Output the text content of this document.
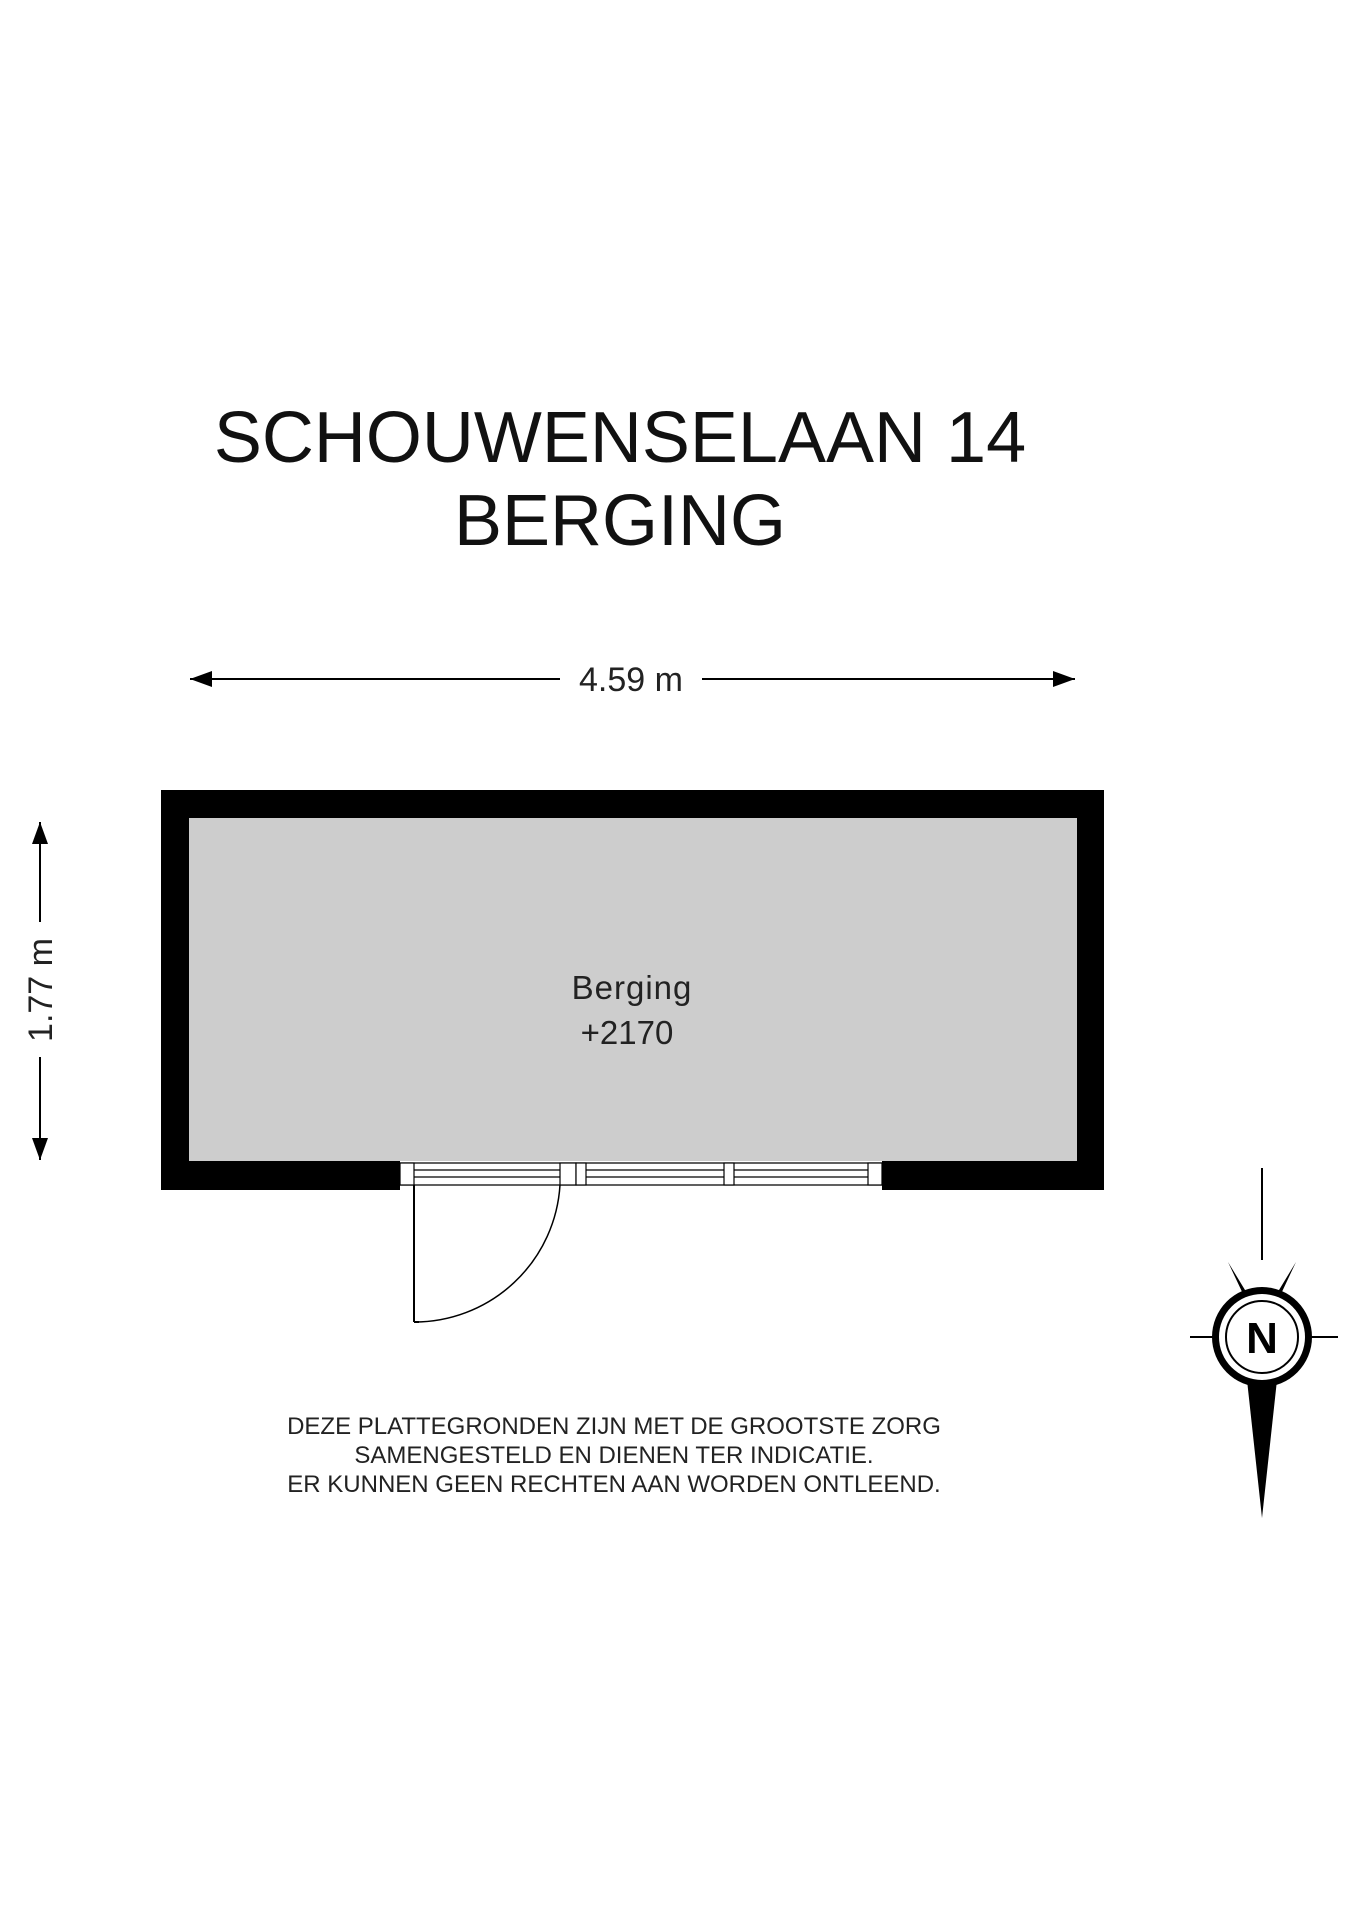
SCHOUWENSELAAN 14
BERGING
4.59 m
1.77 m	Berging
+2170
N
DEZE PLATTEGRONDEN ZIJN MET DE GROOTSTE ZORG
SAMENGESTELD EN DIENEN TER INDICATIE.
ER KUNNEN GEEN RECHTEN AAN WORDEN ONTLEEND.
